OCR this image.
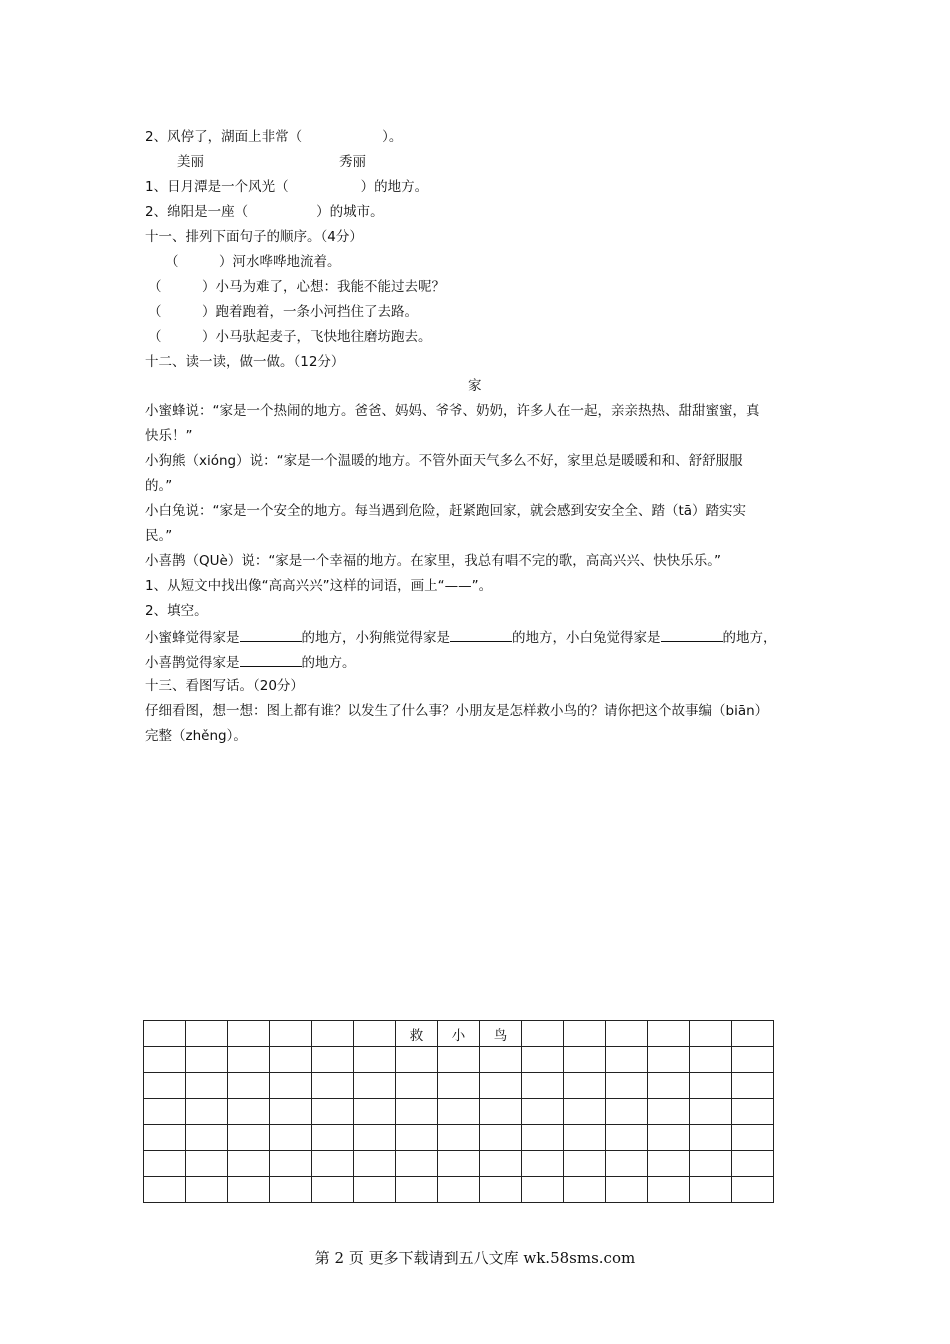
2、风停了，湖面上非常（	）。
美丽	秀丽
1、日月潭是一个风光（	）的地方。
2、绵阳是一座（	）的城市。
十一、排列下面句子的顺序。（4分）
（　　　）河水哗哗地流着。
（　　　）小马为难了，心想：我能不能过去呢？
（　　　）跑着跑着，一条小河挡住了去路。
（　　　）小马驮起麦子，飞快地往磨坊跑去。
十二、读一读，做一做。（12分）
家
小蜜蜂说：“家是一个热闹的地方。爸爸、妈妈、爷爷、奶奶，许多人在一起，亲亲热热、甜甜蜜蜜，真
快乐！”
小狗熊（xióng）说：“家是一个温暖的地方。不管外面天气多么不好，家里总是暖暖和和、舒舒服服
的。”
小白兔说：“家是一个安全的地方。每当遇到危险，赶紧跑回家，就会感到安安全全、踏（tā）踏实实
民。”
小喜鹊（QUè）说：“家是一个幸福的地方。在家里，我总有唱不完的歌，高高兴兴、快快乐乐。”
1、从短文中找出像“高高兴兴”这样的词语，画上“——”。
2、填空。
小蜜蜂觉得家是	的地方，小狗熊觉得家是	的地方，小白兔觉得家是	的地方，
小喜鹊觉得家是	的地方。
十三、看图写话。（20分）
仔细看图，想一想：图上都有谁？以发生了什么事？小朋友是怎样救小鸟的？请你把这个故事编（biān）
完整（zhěng）。
						救	小	鸟						

第 2 页 更多下载请到五八文库 wk.58sms.com
